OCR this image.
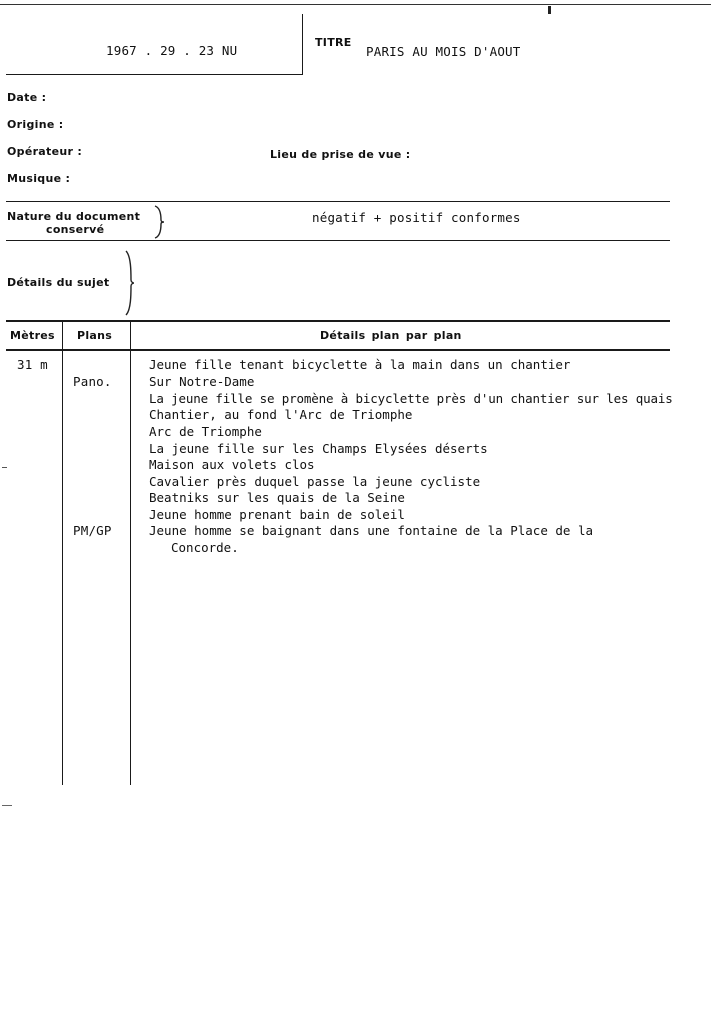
1967 . 29 . 23 NU
TITRE
PARIS AU MOIS D'AOUT
Date :
Origine :
Opérateur :	Lieu de prise de vue :
Musique :
Nature du document
conservé
négatif + positif conformes
Détails du sujet
Mètres Plans	Détails plan par plan
31 m
Pano.
PM/GP
Jeune fille tenant bicyclette à la main dans un chantier
Sur Notre-Dame
La jeune fille se promène à bicyclette près d'un chantier sur les quais
Chantier, au fond l'Arc de Triomphe
Arc de Triomphe
La jeune fille sur les Champs Elysées déserts
Maison aux volets clos
Cavalier près duquel passe la jeune cycliste
Beatniks sur les quais de la Seine
Jeune homme prenant bain de soleil
Jeune homme se baignant dans une fontaine de la Place de la
Concorde.
